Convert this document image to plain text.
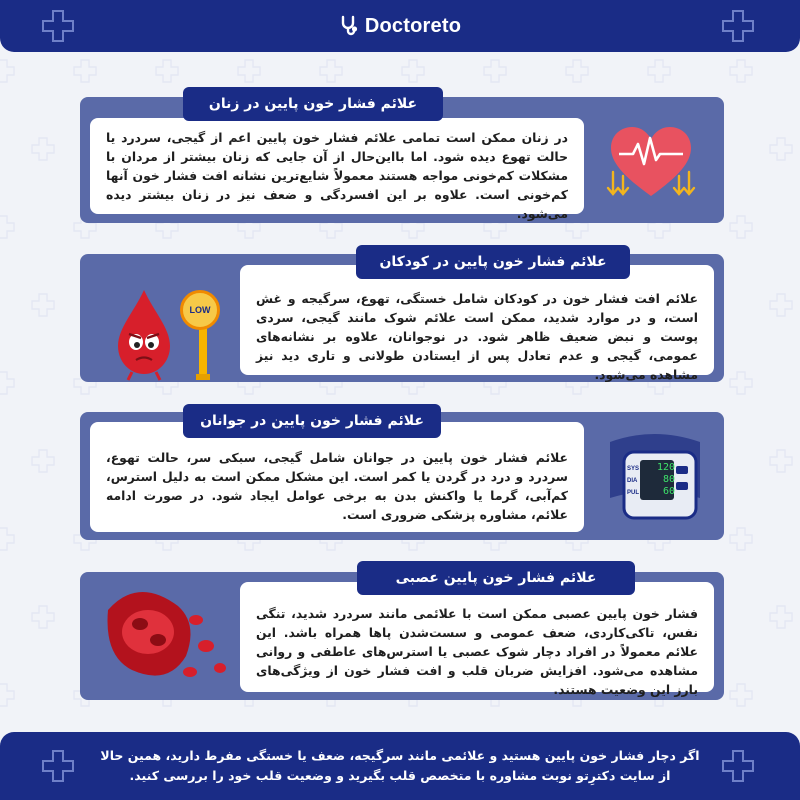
Doctoreto
در زنان ممکن است تمامی علائم فشار خون پایین اعم از گیجی، سردرد یا حالت تهوع دیده شود. اما بااین‌حال از آن جایی که زنان بیشتر از مردان با مشکلات کم‌خونی مواجه هستند معمولاً شایع‌ترین نشانه افت فشار خون آنها کم‌خونی است. علاوه بر این افسردگی و ضعف نیز در زنان بیشتر دیده می‌شود.
علائم فشار خون پایین در زنان
علائم افت فشار خون در کودکان شامل خستگی، تهوع، سرگیجه و غش است، و در موارد شدید، ممکن است علائم شوک مانند گیجی، سردی پوست و نبض ضعیف ظاهر شود. در نوجوانان، علاوه بر نشانه‌های عمومی، گیجی و عدم تعادل پس از ایستادن طولانی و تاری دید نیز مشاهده می‌شود.
علائم فشار خون پایین در کودکان
LOW
علائم فشار خون پایین در جوانان شامل گیجی، سبکی سر، حالت تهوع، سردرد و درد در گردن یا کمر است. این مشکل ممکن است به دلیل استرس، کم‌آبی، گرما یا واکنش بدن به برخی عوامل ایجاد شود. در صورت ادامه علائم، مشاوره پزشکی ضروری است.
علائم فشار خون پایین در جوانان
120
80
60
SYS
DIA
PUL
فشار خون پایین عصبی ممکن است با علائمی مانند سردرد شدید، تنگی نفس، تاکی‌کاردی، ضعف عمومی و سست‌شدن پاها همراه باشد. این علائم معمولاً در افراد دچار شوک عصبی یا استرس‌های عاطفی و روانی مشاهده می‌شود. افزایش ضربان قلب و افت فشار خون از ویژگی‌های بارز این وضعیت هستند.
علائم فشار خون پایین عصبی
اگر دچار فشار خون پایین هستید و علائمی مانند سرگیجه، ضعف یا خستگی مفرط دارید، همین حالا
از سایت دکترِتو نوبت مشاوره با متخصص قلب بگیرید و وضعیت قلب خود را بررسی کنید.
